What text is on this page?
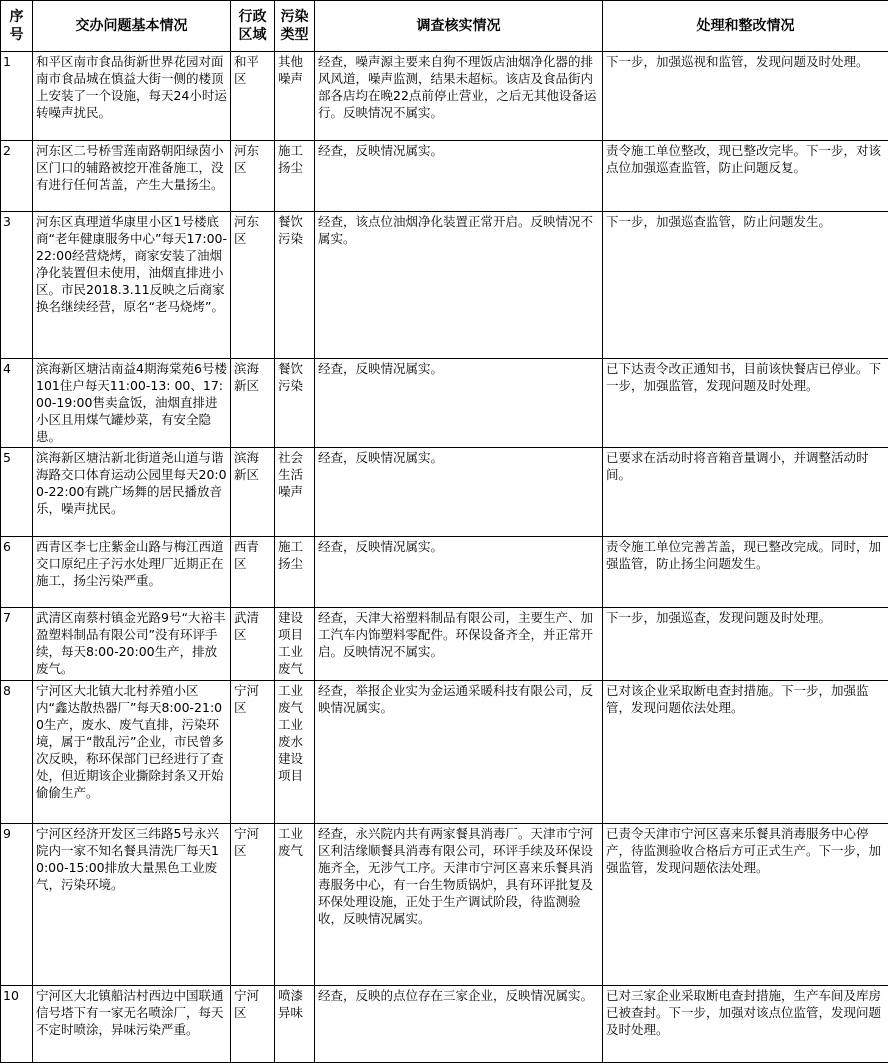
序号	交办问题基本情况	行政区域	污染类型	调查核实情况	处理和整改情况
1	和平区南市食品街新世界花园对面南市食品城在慎益大街一侧的楼顶上安装了一个设施，每天24小时运转噪声扰民。	和平区	其他噪声	经查，噪声源主要来自狗不理饭店油烟净化器的排风风道，噪声监测，结果未超标。该店及食品街内部各店均在晚22点前停止营业，之后无其他设备运行。反映情况不属实。	下一步，加强巡视和监管，发现问题及时处理。
2	河东区二号桥雪莲南路朝阳绿茵小区门口的辅路被挖开准备施工，没有进行任何苫盖，产生大量扬尘。	河东区	施工扬尘	经查，反映情况属实。	责令施工单位整改，现已整改完毕。下一步，对该点位加强巡查监管，防止问题反复。
3	河东区真理道华康里小区1号楼底商“老年健康服务中心”每天17:00-22:00经营烧烤，商家安装了油烟净化装置但未使用，油烟直排进小区。市民2018.3.11反映之后商家换名继续经营，原名“老马烧烤”。	河东区	餐饮污染	经查，该点位油烟净化装置正常开启。反映情况不属实。	下一步，加强巡查监管，防止问题发生。
4	滨海新区塘沽南益4期海棠苑6号楼101住户每天11:00-13: 00、17:00-19:00售卖盒饭，油烟直排进小区且用煤气罐炒菜，有安全隐患。	滨海新区	餐饮污染	经查，反映情况属实。	已下达责令改正通知书，目前该快餐店已停业。下一步，加强监管，发现问题及时处理。
5	滨海新区塘沽新北街道尧山道与谐海路交口体育运动公园里每天20:00-22:00有跳广场舞的居民播放音乐，噪声扰民。	滨海新区	社会生活噪声	经查，反映情况属实。	已要求在活动时将音箱音量调小，并调整活动时间。
6	西青区李七庄紫金山路与梅江西道交口原纪庄子污水处理厂近期正在施工，扬尘污染严重。	西青区	施工扬尘	经查，反映情况属实。	责令施工单位完善苫盖，现已整改完成。同时，加强监管，防止扬尘问题发生。
7	武清区南蔡村镇金光路9号“大裕丰盈塑料制品有限公司”没有环评手续，每天8:00-20:00生产，排放废气。	武清区	建设项目工业废气	经查，天津大裕塑料制品有限公司，主要生产、加工汽车内饰塑料零配件。环保设备齐全，并正常开启。反映情况不属实。	下一步，加强巡查，发现问题及时处理。
8	宁河区大北镇大北村养殖小区内“鑫达散热器厂”每天8:00-21:00生产，废水、废气直排，污染环境，属于“散乱污”企业，市民曾多次反映，称环保部门已经进行了查处，但近期该企业撕除封条又开始偷偷生产。	宁河区	工业废气工业废水建设项目	经查，举报企业实为金运通采暖科技有限公司，反映情况属实。	已对该企业采取断电查封措施。下一步，加强监管，发现问题依法处理。
9	宁河区经济开发区三纬路5号永兴院内一家不知名餐具清洗厂每天10:00-15:00排放大量黑色工业废气，污染环境。	宁河区	工业废气	经查，永兴院内共有两家餐具消毒厂。天津市宁河区利洁缘顺餐具消毒有限公司，环评手续及环保设施齐全，无涉气工序。天津市宁河区喜来乐餐具消毒服务中心，有一台生物质锅炉，具有环评批复及环保处理设施，正处于生产调试阶段，待监测验收，反映情况属实。	已责令天津市宁河区喜来乐餐具消毒服务中心停产，待监测验收合格后方可正式生产。下一步，加强监管，发现问题依法处理。
10	宁河区大北镇船沽村西边中国联通信号塔下有一家无名喷涂厂，每天不定时喷涂，异味污染严重。	宁河区	喷漆异味	经查，反映的点位存在三家企业，反映情况属实。	已对三家企业采取断电查封措施，生产车间及库房已被查封。下一步，加强对该点位监管，发现问题及时处理。
